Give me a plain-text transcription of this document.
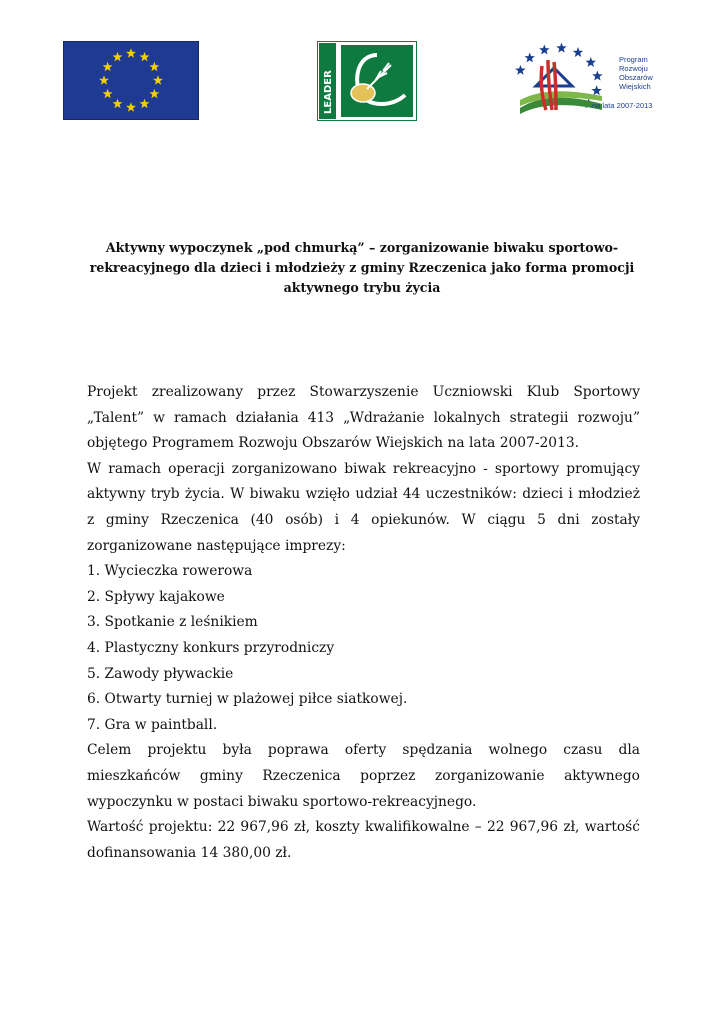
LEADER
Program
Rozwoju
Obszarów
Wiejskich
na lata 2007-2013
Aktywny wypoczynek „pod chmurką” – zorganizowanie biwaku sportowo-rekreacyjnego dla dzieci i młodzieży z gminy Rzeczenica jako forma promocji aktywnego trybu życia

Projekt zrealizowany przez Stowarzyszenie Uczniowski Klub Sportowy „Talent” w ramach działania 413 „Wdrażanie lokalnych strategii rozwoju” objętego Programem Rozwoju Obszarów Wiejskich na lata 2007-2013.

W ramach operacji zorganizowano biwak rekreacyjno - sportowy promujący aktywny tryb życia. W biwaku wzięło udział 44 uczestników: dzieci i młodzież z gminy Rzeczenica (40 osób) i 4 opiekunów. W ciągu 5 dni zostały zorganizowane następujące imprezy:

1. Wycieczka rowerowa
2. Spływy kajakowe
3. Spotkanie z leśnikiem
4. Plastyczny konkurs przyrodniczy
5. Zawody pływackie
6. Otwarty turniej w plażowej piłce siatkowej.
7. Gra w paintball.

Celem projektu była poprawa oferty spędzania wolnego czasu dla mieszkańców gminy Rzeczenica poprzez zorganizowanie aktywnego wypoczynku w postaci biwaku sportowo-rekreacyjnego.

Wartość projektu: 22 967,96 zł, koszty kwalifikowalne – 22 967,96 zł, wartość dofinansowania 14 380,00 zł.
